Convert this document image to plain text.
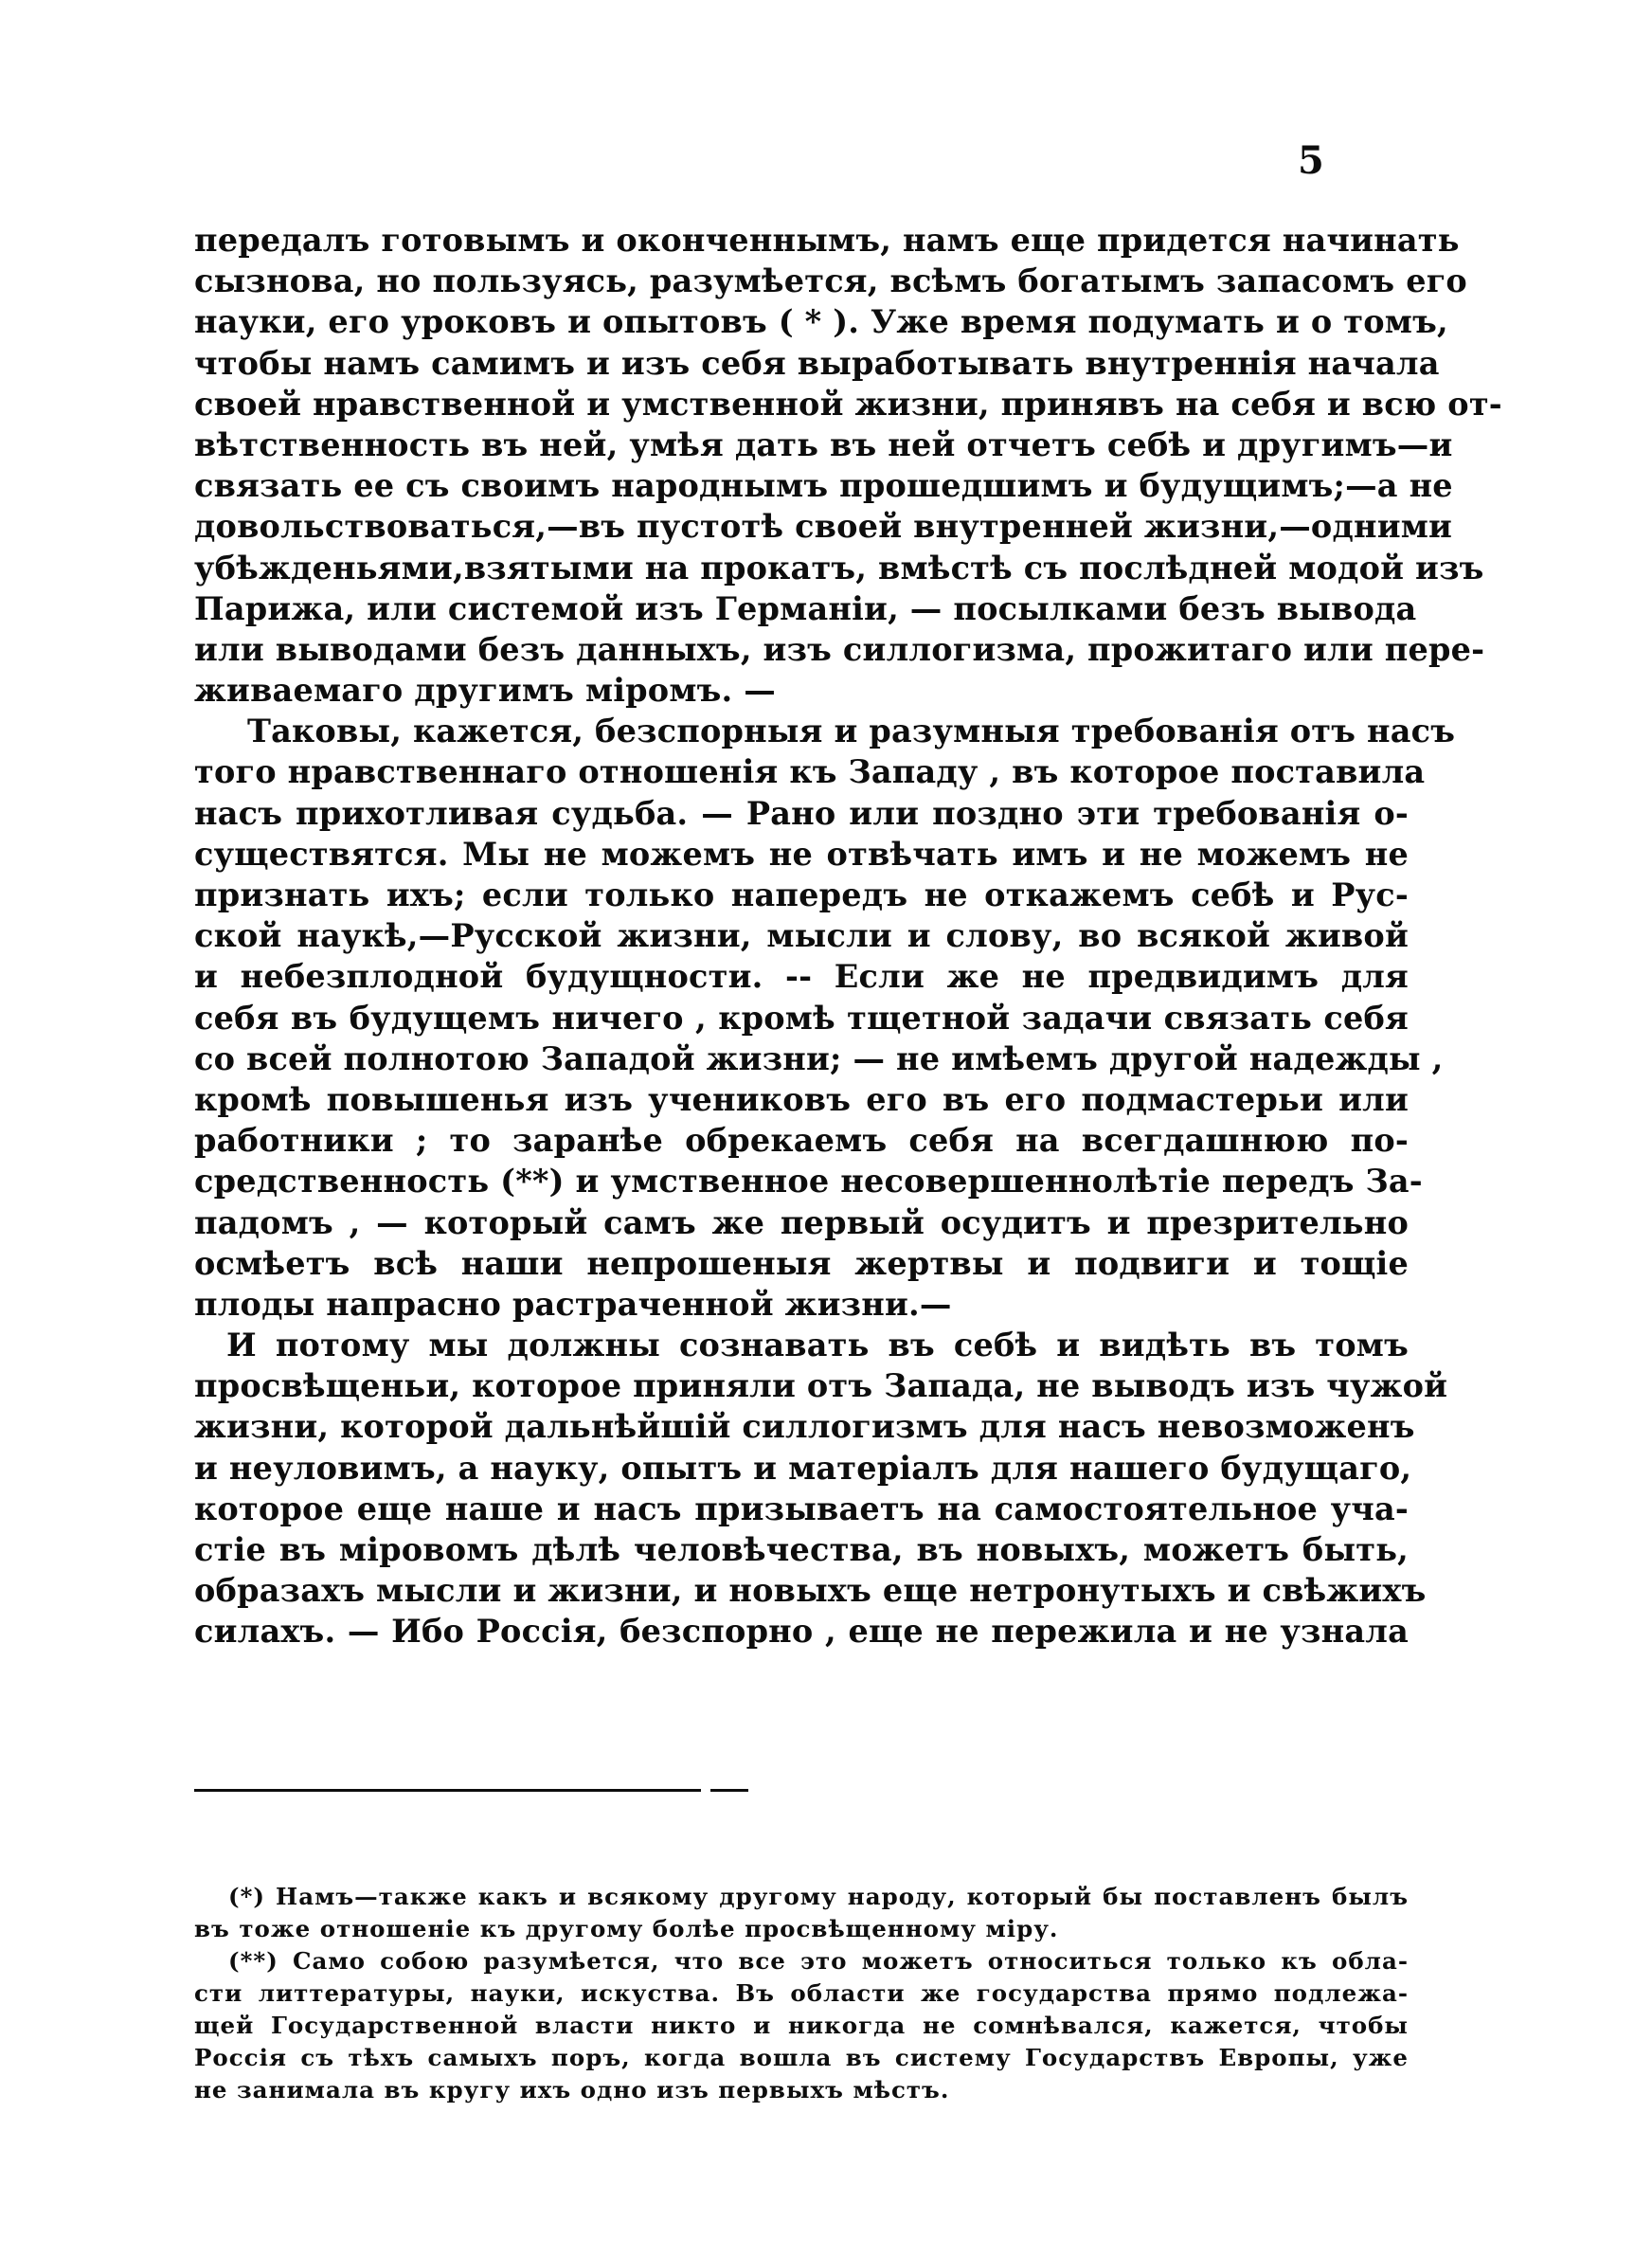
5
передалъ готовымъ и оконченнымъ, намъ еще придется начинать
сызнова, но пользуясь, разумѣется, всѣмъ богатымъ запасомъ его
науки, его уроковъ и опытовъ ( * ). Уже время подумать и о томъ,
чтобы намъ самимъ и изъ себя вырабoтывать внутреннія начала
своей нравственной и умственной жизни, принявъ на себя и всю от-
вѣтственность въ ней, умѣя дать въ ней отчетъ себѣ и другимъ—и
связать ее съ своимъ народнымъ прошедшимъ и будущимъ;—а не
довольствоваться,—въ пустотѣ своей внутренней жизни,—одними
убѣжденьями,взятыми на прокатъ, вмѣстѣ съ послѣдней модой изъ
Парижа, или системой изъ Германіи, — посылками безъ вывода
или выводами безъ данныхъ, изъ силлогизма, прожитаго или пере-
живаемаго другимъ міромъ. —
Таковы, кажется, безспорныя и разумныя требованія отъ насъ
того нравственнаго отношенія къ Западу , въ которое поставила
насъ прихотливая судьба. — Рано или поздно эти требованія о-
существятся. Мы не можемъ не отвѣчать имъ и не можемъ не
признать ихъ; если только напередъ не откажемъ себѣ и Рус-
ской наукѣ,—Русской жизни, мысли и слову, во всякой живой
и небезплодной будущности. -- Если же не предвидимъ для
себя въ будущемъ ничего , кромѣ тщетной задачи связать себя
со всей полнотою Западой жизни; — не имѣемъ другой надежды ,
кромѣ повышенья изъ учениковъ его въ его подмастерьи или
работники ; то заранѣе обрекаемъ себя на всегдашнюю по-
средственность (**) и умственное несовершеннолѣтіе передъ За-
падомъ , — который самъ же первый осудитъ и презрительно
осмѣетъ всѣ наши непрошеныя жертвы и подвиги и тощіе
плоды напрасно растраченной жизни.—
И потому мы должны сознавать въ себѣ и видѣть въ томъ
просвѣщеньи, которое приняли отъ Запада, не выводъ изъ чужой
жизни, которой дальнѣйшій силлогизмъ для насъ невозможенъ
и неуловимъ, а науку, опытъ и матеріалъ для нашего будущаго,
которое еще наше и насъ призываетъ на самостоятельное уча-
стіе въ міровомъ дѣлѣ человѣчества, въ новыхъ, можетъ быть,
образахъ мысли и жизни, и новыхъ еще нетронутыхъ и свѣжихъ
силахъ. — Ибо Россія, безспорно , еще не пережила и не узнала
(*) Намъ—также какъ и всякому другому народу, который бы поставленъ былъ
въ тоже отношеніе къ другому болѣе просвѣщенному міру.
(**) Само собою разумѣется, что все это можетъ относиться только къ обла-
сти литтературы, науки, искуства. Въ области же государства прямо подлежа-
щей Государственной власти никто и никогда не сомнѣвался, кажется, чтобы
Россія съ тѣхъ самыхъ поръ, когда вошла въ систему Государствъ Европы, уже
не занимала въ кругу ихъ одно изъ первыхъ мѣстъ.
